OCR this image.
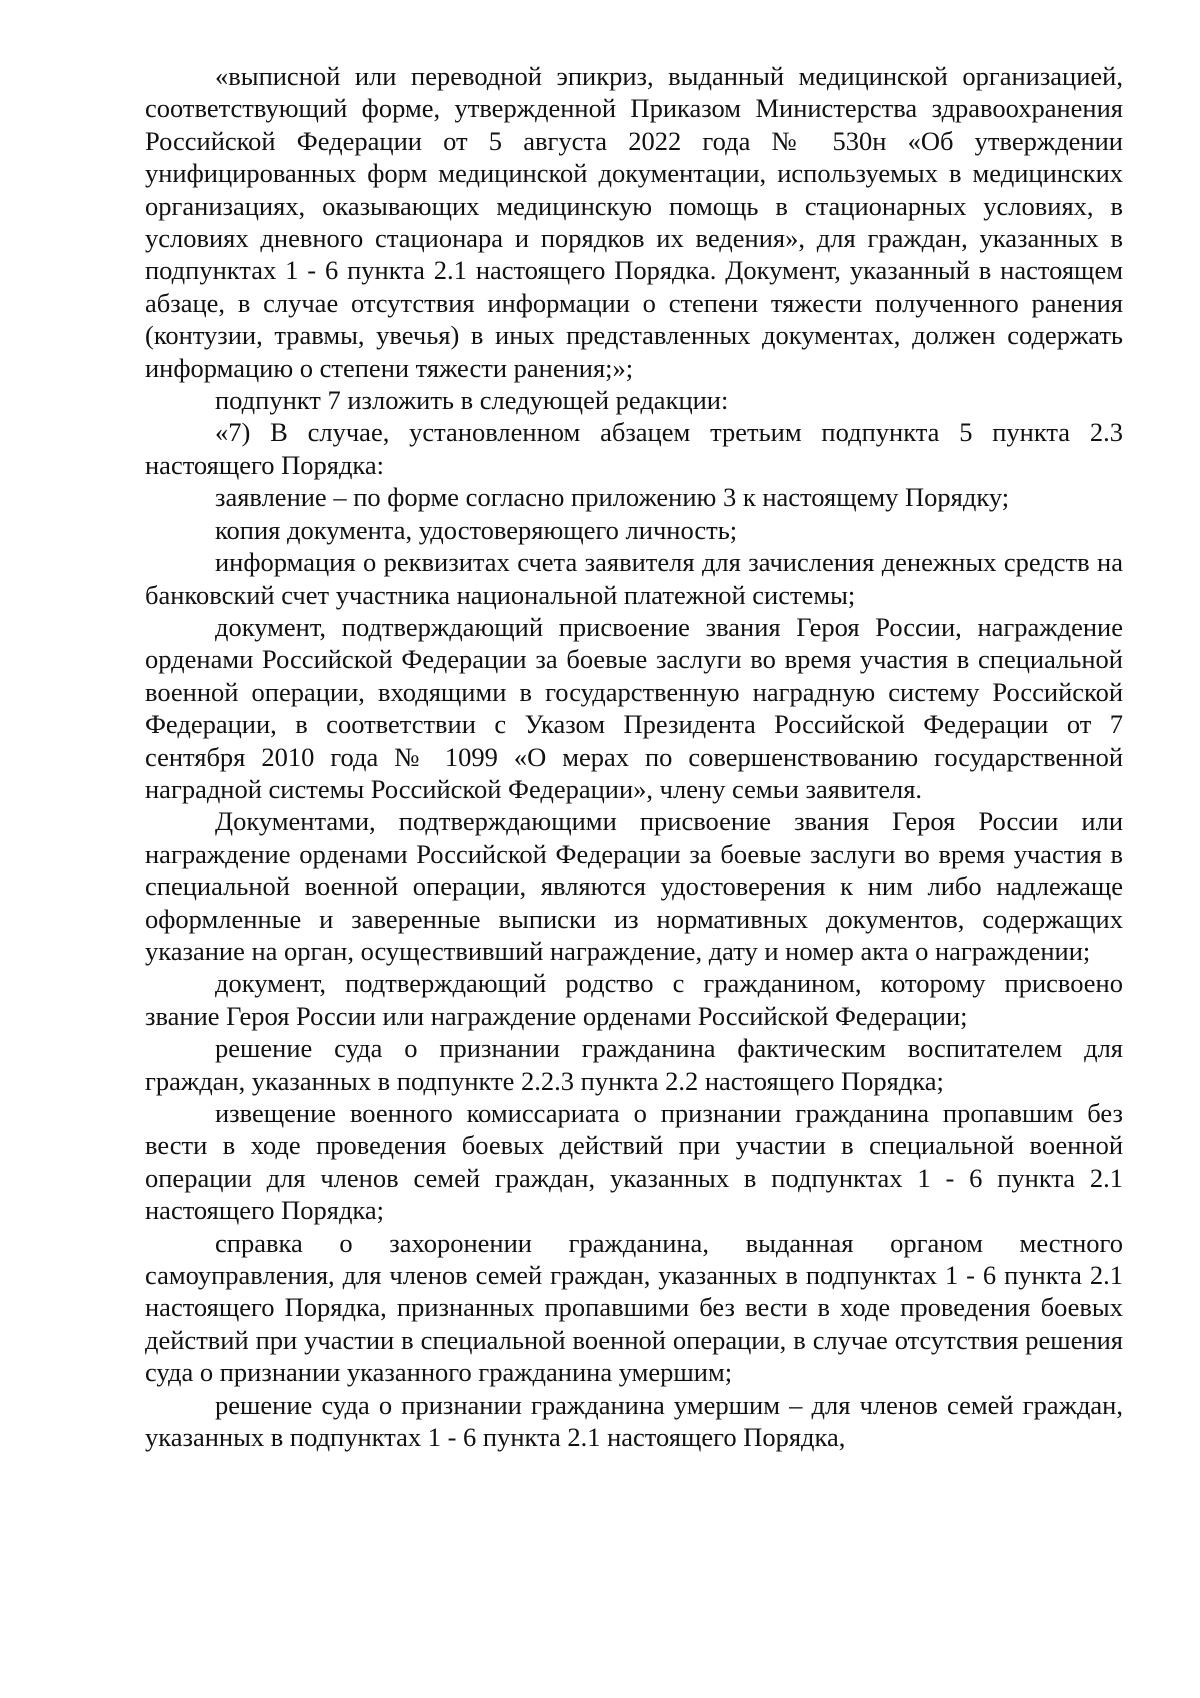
«выписной или переводной эпикриз, выданный медицинской организацией, соответствующий форме, утвержденной Приказом Министерства здравоохранения Российской Федерации от 5 августа 2022 года № 530н «Об утверждении унифицированных форм медицинской документации, используемых в медицинских организациях, оказывающих медицинскую помощь в стационарных условиях, в условиях дневного стационара и порядков их ведения», для граждан, указанных в подпунктах 1 - 6 пункта 2.1 настоящего Порядка. Документ, указанный в настоящем абзаце, в случае отсутствия информации о степени тяжести полученного ранения (контузии, травмы, увечья) в иных представленных документах, должен содержать информацию о степени тяжести ранения;»;

подпункт 7 изложить в следующей редакции:

«7) В случае, установленном абзацем третьим подпункта 5 пункта 2.3 настоящего Порядка:

заявление – по форме согласно приложению 3 к настоящему Порядку;

копия документа, удостоверяющего личность;

информация о реквизитах счета заявителя для зачисления денежных средств на банковский счет участника национальной платежной системы;

документ, подтверждающий присвоение звания Героя России, награждение орденами Российской Федерации за боевые заслуги во время участия в специальной военной операции, входящими в государственную наградную систему Российской Федерации, в соответствии с Указом Президента Российской Федерации от 7 сентября 2010 года № 1099 «О мерах по совершенствованию государственной наградной системы Российской Федерации», члену семьи заявителя.

Документами, подтверждающими присвоение звания Героя России или награждение орденами Российской Федерации за боевые заслуги во время участия в специальной военной операции, являются удостоверения к ним либо надлежаще оформленные и заверенные выписки из нормативных документов, содержащих указание на орган, осуществивший награждение, дату и номер акта о награждении;

документ, подтверждающий родство с гражданином, которому присвоено звание Героя России или награждение орденами Российской Федерации;

решение суда о признании гражданина фактическим воспитателем для граждан, указанных в подпункте 2.2.3 пункта 2.2 настоящего Порядка;

извещение военного комиссариата о признании гражданина пропавшим без вести в ходе проведения боевых действий при участии в специальной военной операции для членов семей граждан, указанных в подпунктах 1 - 6 пункта 2.1 настоящего Порядка;

справка о захоронении гражданина, выданная органом местного самоуправления, для членов семей граждан, указанных в подпунктах 1 - 6 пункта 2.1 настоящего Порядка, признанных пропавшими без вести в ходе проведения боевых действий при участии в специальной военной операции, в случае отсутствия решения суда о признании указанного гражданина умершим;

решение суда о признании гражданина умершим – для членов семей граждан, указанных в подпунктах 1 - 6 пункта 2.1 настоящего Порядка,
